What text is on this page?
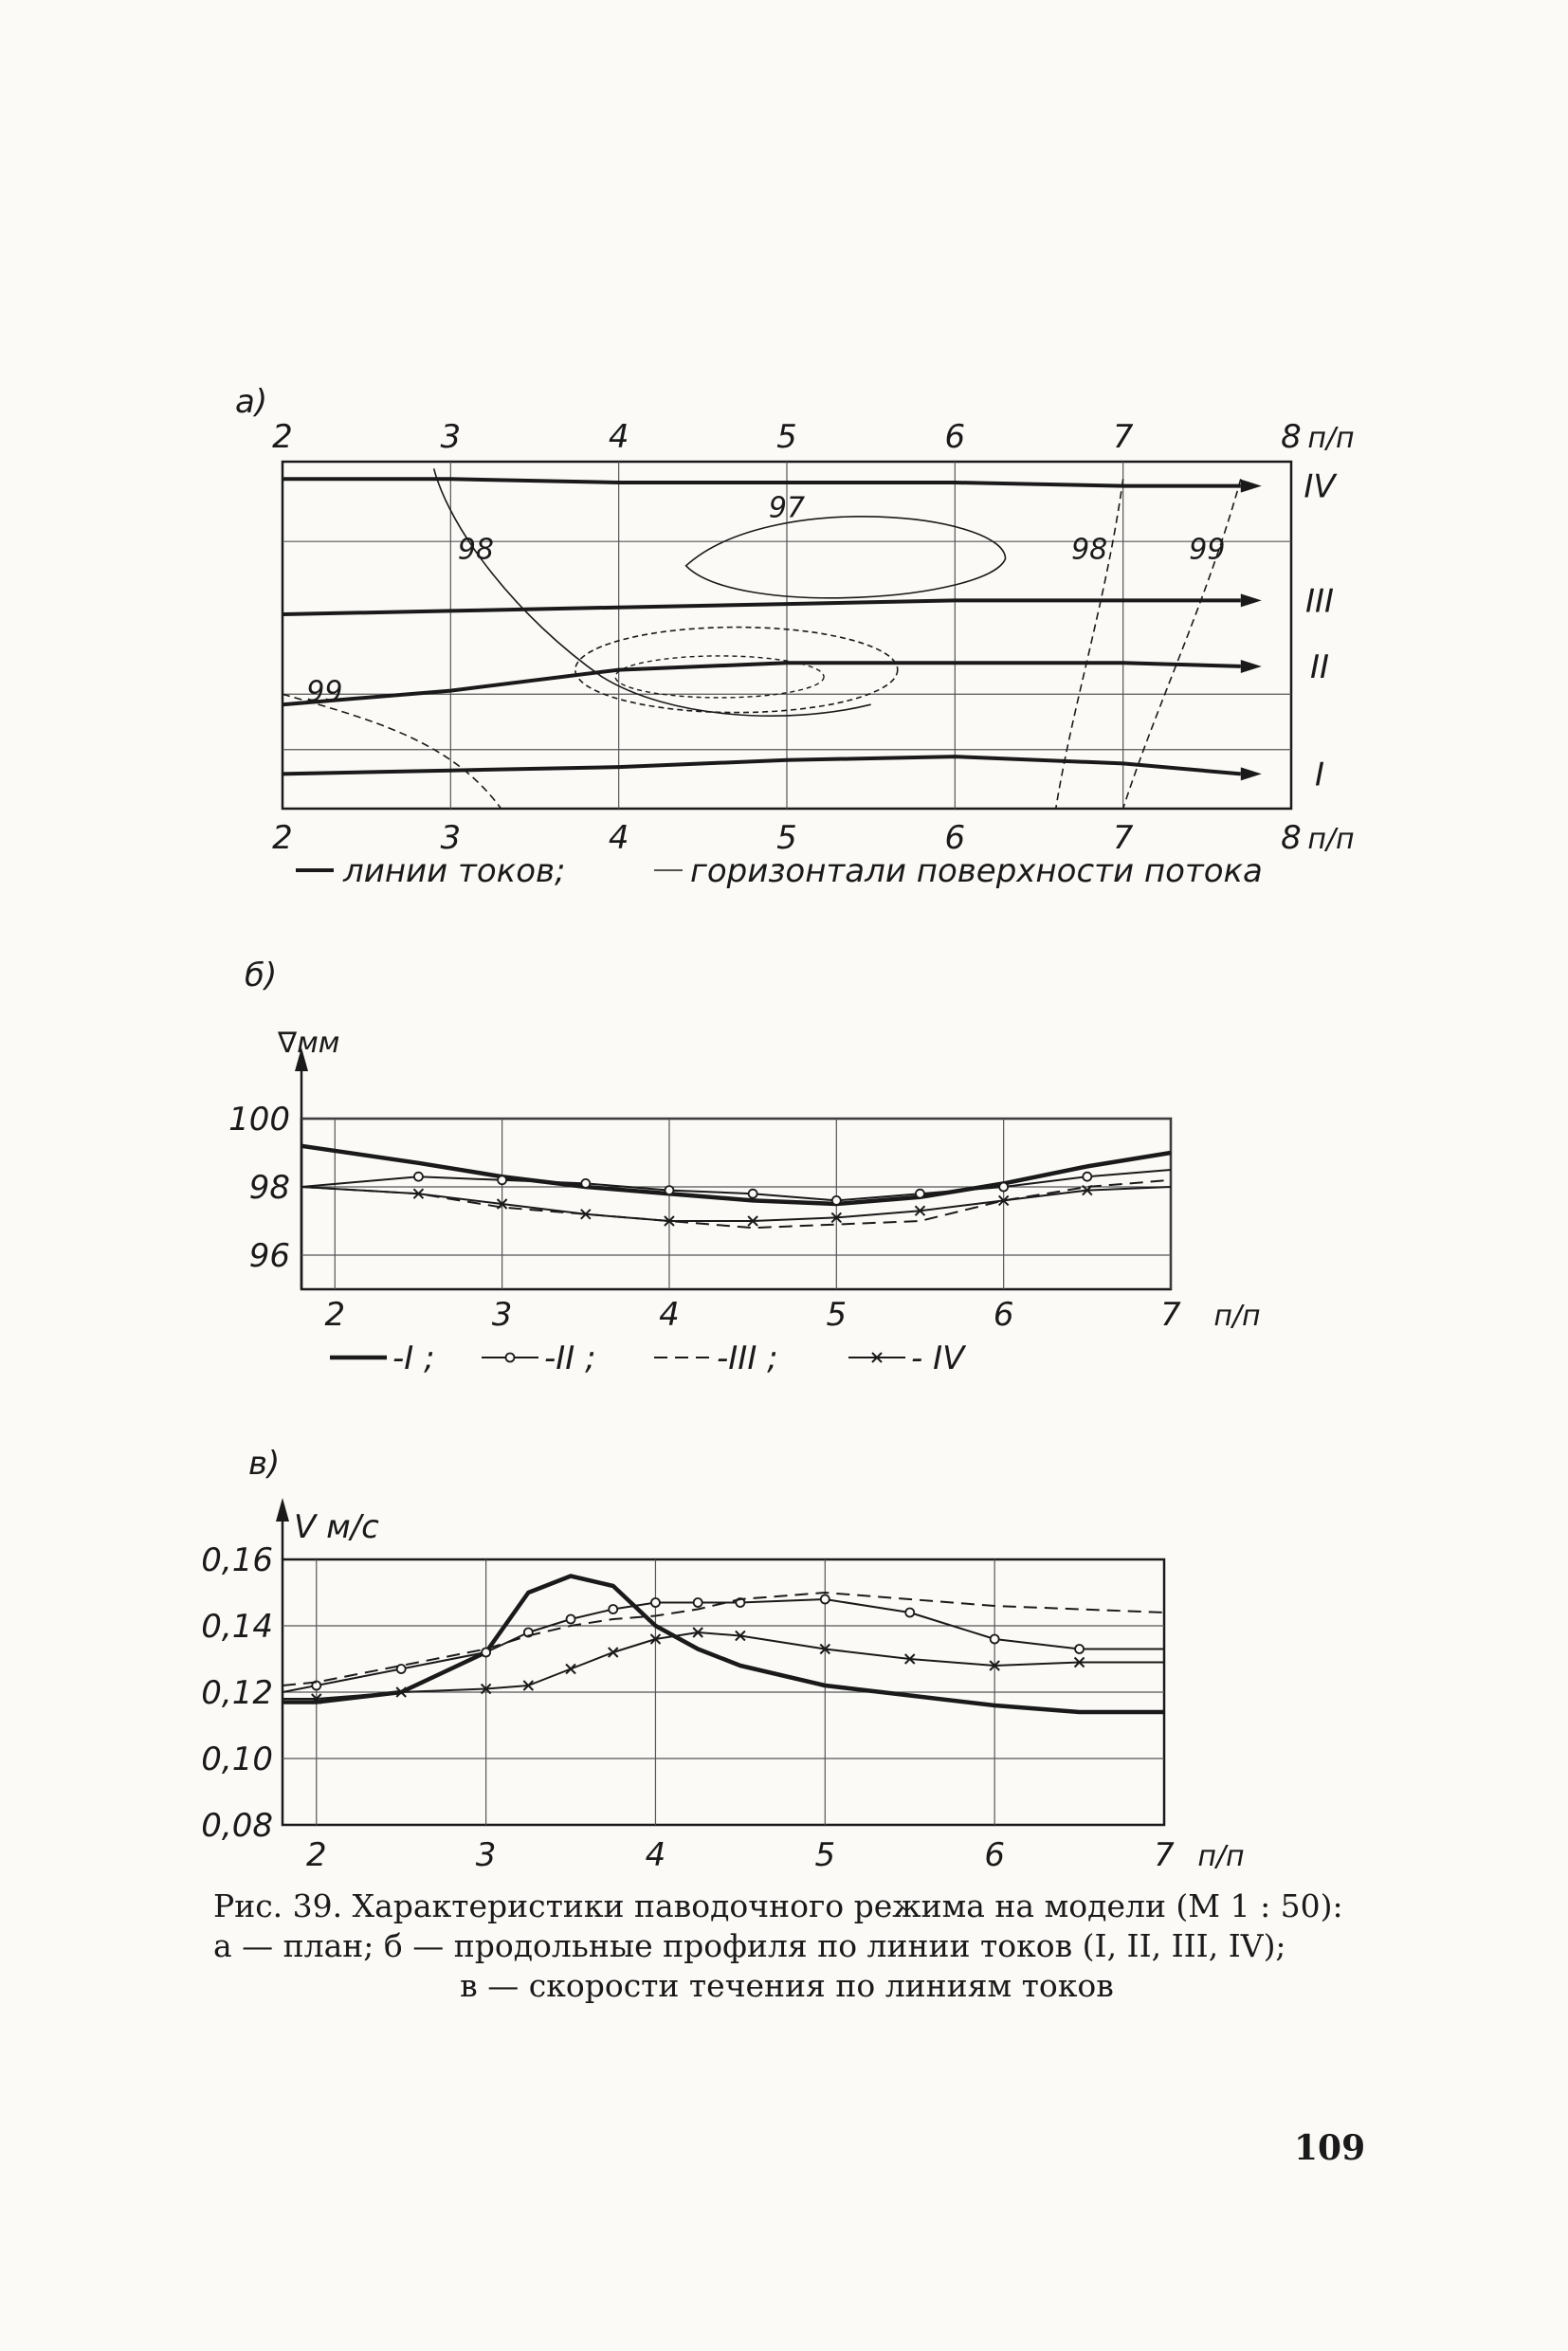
а)
2	3	4	5	6	7	8 п/п
2	3	4	5	6	7	8 п/п
IV
III
II
I
97
98	98
99
99
линии токов;	горизонтали поверхности потока
б)
∇мм
100
98
96
2	3	4	5	6	7 п/п
-I ;	-II ;	-III ;	- IV
в)
V м/с
0,16
0,14
0,12
0,10
0,08
2	3	4	5	6	7 п/п
Рис. 39. Характеристики паводочного режима на модели (М 1 : 50):
а — план; б — продольные профиля по линии токов (I, II, III, IV);
в — скорости течения по линиям токов
109
